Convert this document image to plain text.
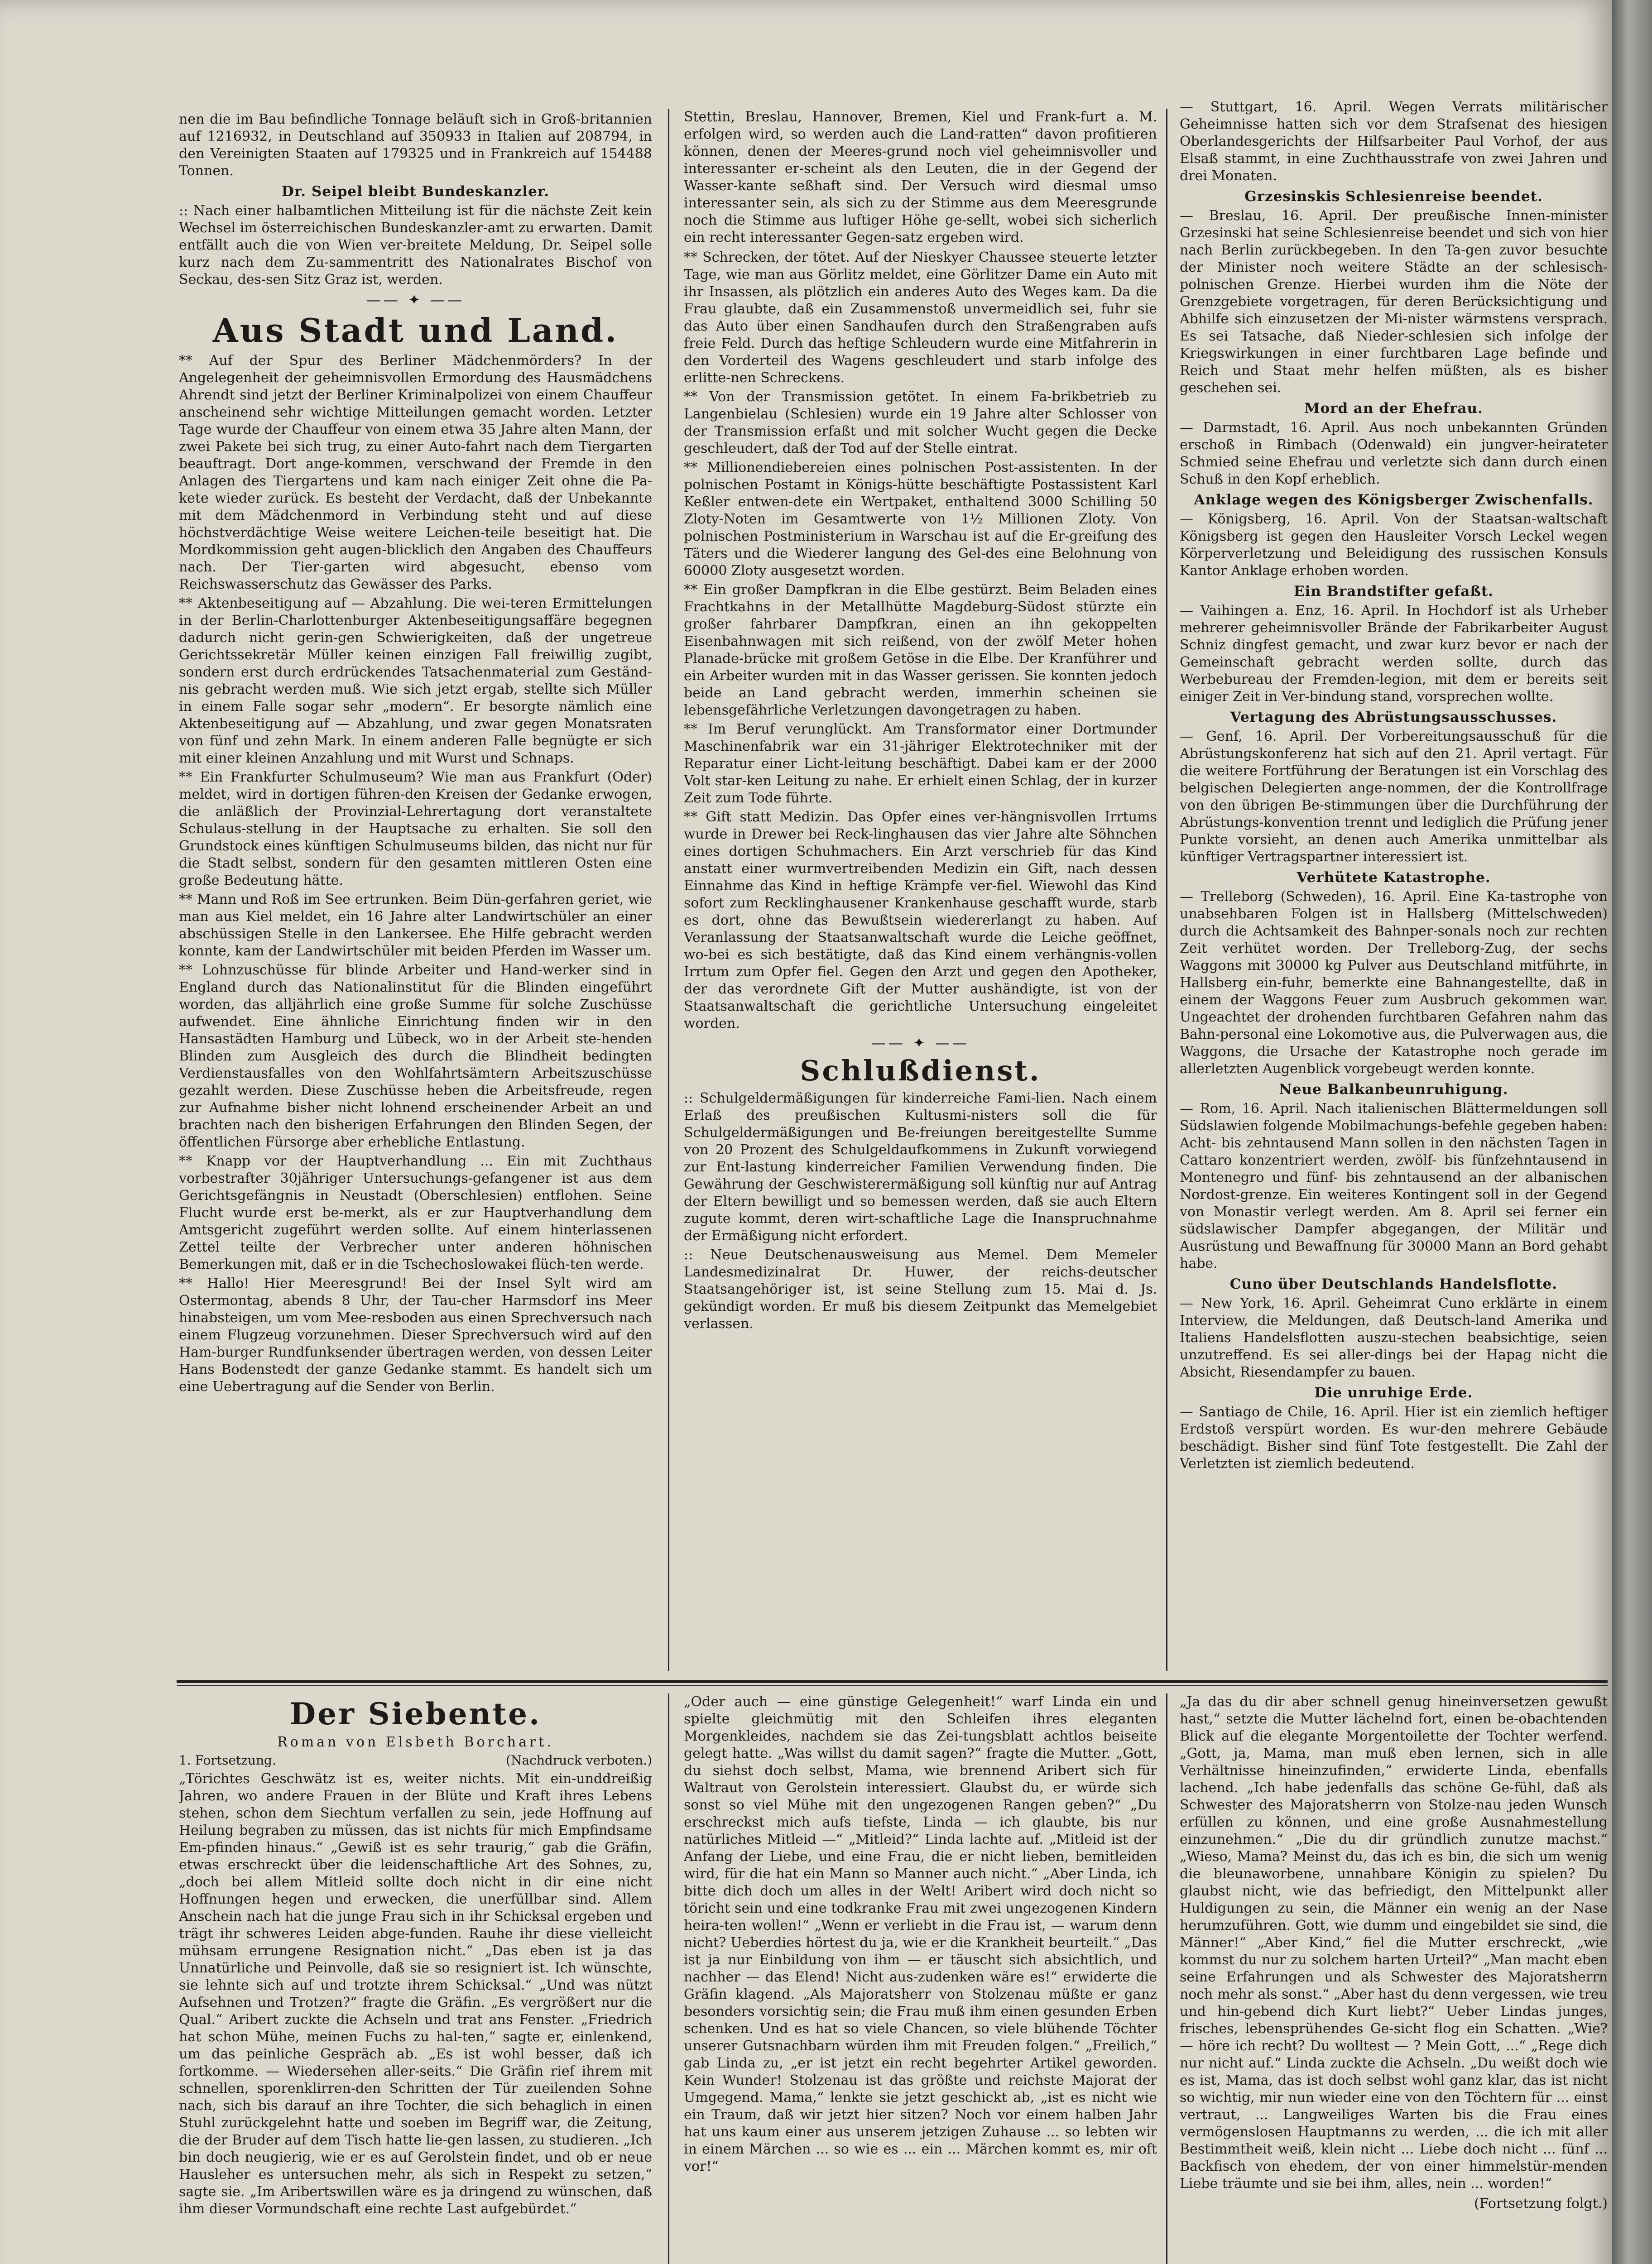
nen die im Bau befindliche Tonnage beläuft sich in Groß-britannien auf 1216932, in Deutschland auf 350933 in Italien auf 208794, in den Vereinigten Staaten auf 179325 und in Frankreich auf 154488 Tonnen.

Dr. Seipel bleibt Bundeskanzler.

:: Nach einer halbamtlichen Mitteilung ist für die nächste Zeit kein Wechsel im österreichischen Bundeskanzler-amt zu erwarten. Damit entfällt auch die von Wien ver-breitete Meldung, Dr. Seipel solle kurz nach dem Zu-sammentritt des Nationalrates Bischof von Seckau, des-sen Sitz Graz ist, werden.

—— ✦ ——
Aus Stadt und Land.

** Auf der Spur des Berliner Mädchenmörders? In der Angelegenheit der geheimnisvollen Ermordung des Hausmädchens Ahrendt sind jetzt der Berliner Kriminalpolizei von einem Chauffeur anscheinend sehr wichtige Mitteilungen gemacht worden. Letzter Tage wurde der Chauffeur von einem etwa 35 Jahre alten Mann, der zwei Pakete bei sich trug, zu einer Auto-fahrt nach dem Tiergarten beauftragt. Dort ange-kommen, verschwand der Fremde in den Anlagen des Tiergartens und kam nach einiger Zeit ohne die Pa-kete wieder zurück. Es besteht der Verdacht, daß der Unbekannte mit dem Mädchenmord in Verbindung steht und auf diese höchstverdächtige Weise weitere Leichen-teile beseitigt hat. Die Mordkommission geht augen-blicklich den Angaben des Chauffeurs nach. Der Tier-garten wird abgesucht, ebenso vom Reichswasserschutz das Gewässer des Parks.

** Aktenbeseitigung auf — Abzahlung. Die wei-teren Ermittelungen in der Berlin-Charlottenburger Aktenbeseitigungsaffäre begegnen dadurch nicht gerin-gen Schwierigkeiten, daß der ungetreue Gerichtssekretär Müller keinen einzigen Fall freiwillig zugibt, sondern erst durch erdrückendes Tatsachenmaterial zum Geständ-nis gebracht werden muß. Wie sich jetzt ergab, stellte sich Müller in einem Falle sogar sehr „modern“. Er besorgte nämlich eine Aktenbeseitigung auf — Abzahlung, und zwar gegen Monatsraten von fünf und zehn Mark. In einem anderen Falle begnügte er sich mit einer kleinen Anzahlung und mit Wurst und Schnaps.

** Ein Frankfurter Schulmuseum? Wie man aus Frankfurt (Oder) meldet, wird in dortigen führen-den Kreisen der Gedanke erwogen, die anläßlich der Provinzial-Lehrertagung dort veranstaltete Schulaus-stellung in der Hauptsache zu erhalten. Sie soll den Grundstock eines künftigen Schulmuseums bilden, das nicht nur für die Stadt selbst, sondern für den gesamten mittleren Osten eine große Bedeutung hätte.

** Mann und Roß im See ertrunken. Beim Dün-gerfahren geriet, wie man aus Kiel meldet, ein 16 Jahre alter Landwirtschüler an einer abschüssigen Stelle in den Lankersee. Ehe Hilfe gebracht werden konnte, kam der Landwirtschüler mit beiden Pferden im Wasser um.

** Lohnzuschüsse für blinde Arbeiter und Hand-werker sind in England durch das Nationalinstitut für die Blinden eingeführt worden, das alljährlich eine große Summe für solche Zuschüsse aufwendet. Eine ähnliche Einrichtung finden wir in den Hansastädten Hamburg und Lübeck, wo in der Arbeit ste-henden Blinden zum Ausgleich des durch die Blindheit bedingten Verdienstausfalles von den Wohlfahrtsämtern Arbeitszuschüsse gezahlt werden. Diese Zuschüsse heben die Arbeitsfreude, regen zur Aufnahme bisher nicht lohnend erscheinender Arbeit an und brachten nach den bisherigen Erfahrungen den Blinden Segen, der öffentlichen Fürsorge aber erhebliche Entlastung.

** Knapp vor der Hauptverhandlung ... Ein mit Zuchthaus vorbestrafter 30jähriger Untersuchungs-gefangener ist aus dem Gerichtsgefängnis in Neustadt (Oberschlesien) entflohen. Seine Flucht wurde erst be-merkt, als er zur Hauptverhandlung dem Amtsgericht zugeführt werden sollte. Auf einem hinterlassenen Zettel teilte der Verbrecher unter anderen höhnischen Bemerkungen mit, daß er in die Tschechoslowakei flüch-ten werde.

** Hallo! Hier Meeresgrund! Bei der Insel Sylt wird am Ostermontag, abends 8 Uhr, der Tau-cher Harmsdorf ins Meer hinabsteigen, um vom Mee-resboden aus einen Sprechversuch nach einem Flugzeug vorzunehmen. Dieser Sprechversuch wird auf den Ham-burger Rundfunksender übertragen werden, von dessen Leiter Hans Bodenstedt der ganze Gedanke stammt. Es handelt sich um eine Uebertragung auf die Sender von Berlin.

Stettin, Breslau, Hannover, Bremen, Kiel und Frank-furt a. M. erfolgen wird, so werden auch die Land-ratten“ davon profitieren können, denen der Meeres-grund noch viel geheimnisvoller und interessanter er-scheint als den Leuten, die in der Gegend der Wasser-kante seßhaft sind. Der Versuch wird diesmal umso interessanter sein, als sich zu der Stimme aus dem Meeresgrunde noch die Stimme aus luftiger Höhe ge-sellt, wobei sich sicherlich ein recht interessanter Gegen-satz ergeben wird.

** Schrecken, der tötet. Auf der Nieskyer Chaussee steuerte letzter Tage, wie man aus Görlitz meldet, eine Görlitzer Dame ein Auto mit ihr Insassen, als plötzlich ein anderes Auto des Weges kam. Da die Frau glaubte, daß ein Zusammenstoß unvermeidlich sei, fuhr sie das Auto über einen Sandhaufen durch den Straßengraben aufs freie Feld. Durch das heftige Schleudern wurde eine Mitfahrerin in den Vorderteil des Wagens geschleudert und starb infolge des erlitte-nen Schreckens.

** Von der Transmission getötet. In einem Fa-brikbetrieb zu Langenbielau (Schlesien) wurde ein 19 Jahre alter Schlosser von der Transmission erfaßt und mit solcher Wucht gegen die Decke geschleudert, daß der Tod auf der Stelle eintrat.

** Millionendiebereien eines polnischen Post-assistenten. In der polnischen Postamt in Königs-hütte beschäftigte Postassistent Karl Keßler entwen-dete ein Wertpaket, enthaltend 3000 Schilling 50 Zloty-Noten im Gesamtwerte von 1½ Millionen Zloty. Von polnischen Postministerium in Warschau ist auf die Er-greifung des Täters und die Wiederer langung des Gel-des eine Belohnung von 60000 Zloty ausgesetzt worden.

** Ein großer Dampfkran in die Elbe gestürzt. Beim Beladen eines Frachtkahns in der Metallhütte Magdeburg-Südost stürzte ein großer fahrbarer Dampfkran, einen an ihn gekoppelten Eisenbahnwagen mit sich reißend, von der zwölf Meter hohen Planade-brücke mit großem Getöse in die Elbe. Der Kranführer und ein Arbeiter wurden mit in das Wasser gerissen. Sie konnten jedoch beide an Land gebracht werden, immerhin scheinen sie lebensgefährliche Verletzungen davongetragen zu haben.

** Im Beruf verunglückt. Am Transformator einer Dortmunder Maschinenfabrik war ein 31-jähriger Elektrotechniker mit der Reparatur einer Licht-leitung beschäftigt. Dabei kam er der 2000 Volt star-ken Leitung zu nahe. Er erhielt einen Schlag, der in kurzer Zeit zum Tode führte.

** Gift statt Medizin. Das Opfer eines ver-hängnisvollen Irrtums wurde in Drewer bei Reck-linghausen das vier Jahre alte Söhnchen eines dortigen Schuhmachers. Ein Arzt verschrieb für das Kind anstatt einer wurmvertreibenden Medizin ein Gift, nach dessen Einnahme das Kind in heftige Krämpfe ver-fiel. Wiewohl das Kind sofort zum Recklinghausener Krankenhause geschafft wurde, starb es dort, ohne das Bewußtsein wiedererlangt zu haben. Auf Veranlassung der Staatsanwaltschaft wurde die Leiche geöffnet, wo-bei es sich bestätigte, daß das Kind einem verhängnis-vollen Irrtum zum Opfer fiel. Gegen den Arzt und gegen den Apotheker, der das verordnete Gift der Mutter aushändigte, ist von der Staatsanwaltschaft die gerichtliche Untersuchung eingeleitet worden.

—— ✦ ——
Schlußdienst.

:: Schulgeldermäßigungen für kinderreiche Fami-lien. Nach einem Erlaß des preußischen Kultusmi-nisters soll die für Schulgeldermäßigungen und Be-freiungen bereitgestellte Summe von 20 Prozent des Schulgeldaufkommens in Zukunft vorwiegend zur Ent-lastung kinderreicher Familien Verwendung finden. Die Gewährung der Geschwisterermäßigung soll künftig nur auf Antrag der Eltern bewilligt und so bemessen werden, daß sie auch Eltern zugute kommt, deren wirt-schaftliche Lage die Inanspruchnahme der Ermäßigung nicht erfordert.

:: Neue Deutschenausweisung aus Memel. Dem Memeler Landesmedizinalrat Dr. Huwer, der reichs-deutscher Staatsangehöriger ist, ist seine Stellung zum 15. Mai d. Js. gekündigt worden. Er muß bis diesem Zeitpunkt das Memelgebiet verlassen.

— Stuttgart, 16. April. Wegen Verrats militärischer Geheimnisse hatten sich vor dem Strafsenat des hiesigen Oberlandesgerichts der Hilfsarbeiter Paul Vorhof, der aus Elsaß stammt, in eine Zuchthausstrafe von zwei Jahren und drei Monaten.

Grzesinskis Schlesienreise beendet.

— Breslau, 16. April. Der preußische Innen-minister Grzesinski hat seine Schlesienreise beendet und sich von hier nach Berlin zurückbegeben. In den Ta-gen zuvor besuchte der Minister noch weitere Städte an der schlesisch-polnischen Grenze. Hierbei wurden ihm die Nöte der Grenzgebiete vorgetragen, für deren Berücksichtigung und Abhilfe sich einzusetzen der Mi-nister wärmstens versprach. Es sei Tatsache, daß Nieder-schlesien sich infolge der Kriegswirkungen in einer furchtbaren Lage befinde und Reich und Staat mehr helfen müßten, als es bisher geschehen sei.

Mord an der Ehefrau.

— Darmstadt, 16. April. Aus noch unbekannten Gründen erschoß in Rimbach (Odenwald) ein jungver-heirateter Schmied seine Ehefrau und verletzte sich dann durch einen Schuß in den Kopf erheblich.

Anklage wegen des Königsberger Zwischenfalls.

— Königsberg, 16. April. Von der Staatsan-waltschaft Königsberg ist gegen den Hausleiter Vorsch Leckel wegen Körperverletzung und Beleidigung des russischen Konsuls Kantor Anklage erhoben worden.

Ein Brandstifter gefaßt.

— Vaihingen a. Enz, 16. April. In Hochdorf ist als Urheber mehrerer geheimnisvoller Brände der Fabrikarbeiter August Schniz dingfest gemacht, und zwar kurz bevor er nach der Gemeinschaft gebracht werden sollte, durch das Werbebureau der Fremden-legion, mit dem er bereits seit einiger Zeit in Ver-bindung stand, vorsprechen wollte.

Vertagung des Abrüstungsausschusses.

— Genf, 16. April. Der Vorbereitungsausschuß für die Abrüstungskonferenz hat sich auf den 21. April vertagt. Für die weitere Fortführung der Beratungen ist ein Vorschlag des belgischen Delegierten ange-nommen, der die Kontrollfrage von den übrigen Be-stimmungen über die Durchführung der Abrüstungs-konvention trennt und lediglich die Prüfung jener Punkte vorsieht, an denen auch Amerika unmittelbar als künftiger Vertragspartner interessiert ist.

Verhütete Katastrophe.

— Trelleborg (Schweden), 16. April. Eine Ka-tastrophe von unabsehbaren Folgen ist in Hallsberg (Mittelschweden) durch die Achtsamkeit des Bahnper-sonals noch zur rechten Zeit verhütet worden. Der Trelleborg-Zug, der sechs Waggons mit 30000 kg Pulver aus Deutschland mitführte, in Hallsberg ein-fuhr, bemerkte eine Bahnangestellte, daß in einem der Waggons Feuer zum Ausbruch gekommen war. Ungeachtet der drohenden furchtbaren Gefahren nahm das Bahn-personal eine Lokomotive aus, die Pulverwagen aus, die Waggons, die Ursache der Katastrophe noch gerade im allerletzten Augenblick vorgebeugt werden konnte.

Neue Balkanbeunruhigung.

— Rom, 16. April. Nach italienischen Blättermeldungen soll Südslawien folgende Mobilmachungs-befehle gegeben haben: Acht- bis zehntausend Mann sollen in den nächsten Tagen in Cattaro konzentriert werden, zwölf- bis fünfzehntausend in Montenegro und fünf- bis zehntausend an der albanischen Nordost-grenze. Ein weiteres Kontingent soll in der Gegend von Monastir verlegt werden. Am 8. April sei ferner ein südslawischer Dampfer abgegangen, der Militär und Ausrüstung und Bewaffnung für 30000 Mann an Bord gehabt habe.

Cuno über Deutschlands Handelsflotte.

— New York, 16. April. Geheimrat Cuno erklärte in einem Interview, die Meldungen, daß Deutsch-land Amerika und Italiens Handelsflotten auszu-stechen beabsichtige, seien unzutreffend. Es sei aller-dings bei der Hapag nicht die Absicht, Riesendampfer zu bauen.

Die unruhige Erde.

— Santiago de Chile, 16. April. Hier ist ein ziemlich heftiger Erdstoß verspürt worden. Es wur-den mehrere Gebäude beschädigt. Bisher sind fünf Tote festgestellt. Die Zahl der Verletzten ist ziemlich bedeutend.

Der Siebente.
Roman von Elsbeth Borchart.
1. Fortsetzung.	(Nachdruck verboten.)

„Törichtes Geschwätz ist es, weiter nichts. Mit ein-unddreißig Jahren, wo andere Frauen in der Blüte und Kraft ihres Lebens stehen, schon dem Siechtum verfallen zu sein, jede Hoffnung auf Heilung begraben zu müssen, das ist nichts für mich Empfindsame Em-pfinden hinaus.“ „Gewiß ist es sehr traurig,“ gab die Gräfin, etwas erschreckt über die leidenschaftliche Art des Sohnes, zu, „doch bei allem Mitleid sollte doch nicht in dir eine nicht Hoffnungen hegen und erwecken, die unerfüllbar sind. Allem Anschein nach hat die junge Frau sich in ihr Schicksal ergeben und trägt ihr schweres Leiden abge-funden. Rauhe ihr diese vielleicht mühsam errungene Resignation nicht.“ „Das eben ist ja das Unnatürliche und Peinvolle, daß sie so resigniert ist. Ich wünschte, sie lehnte sich auf und trotzte ihrem Schicksal.“ „Und was nützt Aufsehnen und Trotzen?“ fragte die Gräfin. „Es vergrößert nur die Qual.“ Aribert zuckte die Achseln und trat ans Fenster. „Friedrich hat schon Mühe, meinen Fuchs zu hal-ten,“ sagte er, einlenkend, um das peinliche Gespräch ab. „Es ist wohl besser, daß ich fortkomme. — Wiedersehen aller-seits.“ Die Gräfin rief ihrem mit schnellen, sporenklirren-den Schritten der Tür zueilenden Sohne nach, sich bis darauf an ihre Tochter, die sich behaglich in einen Stuhl zurückgelehnt hatte und soeben im Begriff war, die Zeitung, die der Bruder auf dem Tisch hatte lie-gen lassen, zu studieren. „Ich bin doch neugierig, wie er es auf Gerolstein findet, und ob er neue Hausleher es untersuchen mehr, als sich in Respekt zu setzen,“ sagte sie. „Im Aribertswillen wäre es ja dringend zu wünschen, daß ihm dieser Vormundschaft eine rechte Last aufgebürdet.“

„Oder auch — eine günstige Gelegenheit!“ warf Linda ein und spielte gleichmütig mit den Schleifen ihres eleganten Morgenkleides, nachdem sie das Zei-tungsblatt achtlos beiseite gelegt hatte. „Was willst du damit sagen?“ fragte die Mutter. „Gott, du siehst doch selbst, Mama, wie brennend Aribert sich für Waltraut von Gerolstein interessiert. Glaubst du, er würde sich sonst so viel Mühe mit den ungezogenen Rangen geben?“ „Du erschreckst mich aufs tiefste, Linda — ich glaubte, bis nur natürliches Mitleid —“ „Mitleid?“ Linda lachte auf. „Mitleid ist der Anfang der Liebe, und eine Frau, die er nicht lieben, bemitleiden wird, für die hat ein Mann so Manner auch nicht.“ „Aber Linda, ich bitte dich doch um alles in der Welt! Aribert wird doch nicht so töricht sein und eine todkranke Frau mit zwei ungezogenen Kindern heira-ten wollen!“ „Wenn er verliebt in die Frau ist, — warum denn nicht? Ueberdies hörtest du ja, wie er die Krankheit beurteilt.“ „Das ist ja nur Einbildung von ihm — er täuscht sich absichtlich, und nachher — das Elend! Nicht aus-zudenken wäre es!“ erwiderte die Gräfin klagend. „Als Majoratsherr von Stolzenau müßte er ganz besonders vorsichtig sein; die Frau muß ihm einen gesunden Erben schenken. Und es hat so viele Chancen, so viele blühende Töchter unserer Gutsnachbarn würden ihm mit Freuden folgen.“ „Freilich,“ gab Linda zu, „er ist jetzt ein recht begehrter Artikel geworden. Kein Wunder! Stolzenau ist das größte und reichste Majorat der Umgegend. Mama,“ lenkte sie jetzt geschickt ab, „ist es nicht wie ein Traum, daß wir jetzt hier sitzen? Noch vor einem halben Jahr hat uns kaum einer aus unserem jetzigen Zuhause ... so lebten wir in einem Märchen ... so wie es ... ein ... Märchen kommt es, mir oft vor!“

„Ja das du dir aber schnell genug hineinversetzen gewußt hast,“ setzte die Mutter lächelnd fort, einen be-obachtenden Blick auf die elegante Morgentoilette der Tochter werfend. „Gott, ja, Mama, man muß eben lernen, sich in alle Verhältnisse hineinzufinden,“ erwiderte Linda, ebenfalls lachend. „Ich habe jedenfalls das schöne Ge-fühl, daß als Schwester des Majoratsherrn von Stolze-nau jeden Wunsch erfüllen zu können, und eine große Ausnahmestellung einzunehmen.“ „Die du dir gründlich zunutze machst.“ „Wieso, Mama? Meinst du, das ich es bin, die sich um wenig die bleunaworbene, unnahbare Königin zu spielen? Du glaubst nicht, wie das befriedigt, den Mittelpunkt aller Huldigungen zu sein, die Männer ein wenig an der Nase herumzuführen. Gott, wie dumm und eingebildet sie sind, die Männer!“ „Aber Kind,“ fiel die Mutter erschreckt, „wie kommst du nur zu solchem harten Urteil?“ „Man macht eben seine Erfahrungen und als Schwester des Majoratsherrn noch mehr als sonst.“ „Aber hast du denn vergessen, wie treu und hin-gebend dich Kurt liebt?“ Ueber Lindas junges, frisches, lebensprühendes Ge-sicht flog ein Schatten. „Wie? — höre ich recht? Du wolltest — ? Mein Gott, ...“ „Rege dich nur nicht auf.“ Linda zuckte die Achseln. „Du weißt doch wie es ist, Mama, das ist doch selbst wohl ganz klar, das ist nicht so wichtig, mir nun wieder eine von den Töchtern für ... einst vertraut, ... Langweiliges Warten bis die Frau eines vermögenslosen Hauptmanns zu werden, ... die ich mit aller Bestimmtheit weiß, klein nicht ... Liebe doch nicht ... fünf ... Backfisch von ehedem, der von einer himmelstür-menden Liebe träumte und sie bei ihm, alles, nein ... worden!“

(Fortsetzung folgt.)
